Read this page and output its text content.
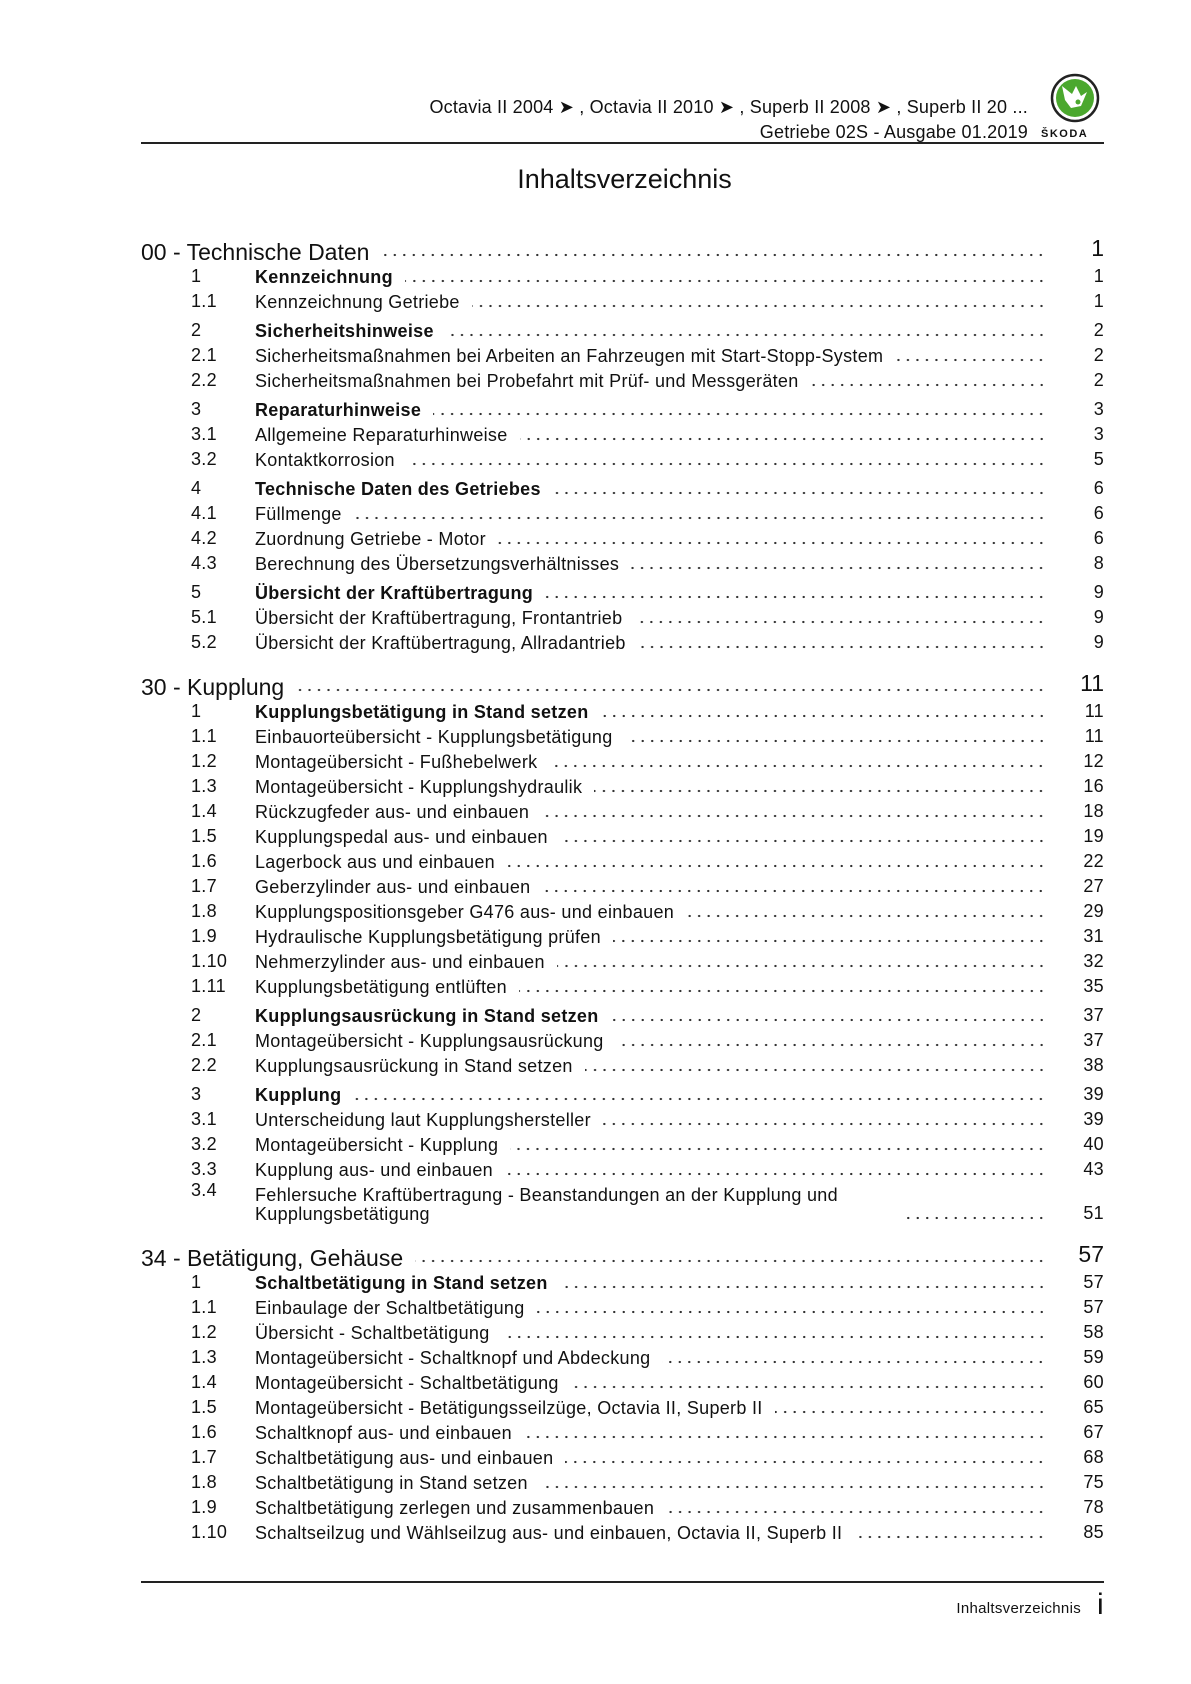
Octavia II 2004 ➤ , Octavia II 2010 ➤ , Superb II 2008 ➤ , Superb II 20 ...
Getriebe 02S - Ausgabe 01.2019 ŠKODA
Inhaltsverzeichnis
00 - Technische Daten	1
1	Kennzeichnung	1
1.1	Kennzeichnung Getriebe	1
2	Sicherheitshinweise	2
2.1	Sicherheitsmaßnahmen bei Arbeiten an Fahrzeugen mit Start-Stopp-System	2
2.2	Sicherheitsmaßnahmen bei Probefahrt mit Prüf- und Messgeräten	2
3	Reparaturhinweise	3
3.1	Allgemeine Reparaturhinweise	3
3.2	Kontaktkorrosion	5
4	Technische Daten des Getriebes	6
4.1	Füllmenge	6
4.2	Zuordnung Getriebe - Motor	6
4.3	Berechnung des Übersetzungsverhältnisses	8
5	Übersicht der Kraftübertragung	9
5.1	Übersicht der Kraftübertragung, Frontantrieb	9
5.2	Übersicht der Kraftübertragung, Allradantrieb	9
30 - Kupplung	11
1	Kupplungsbetätigung in Stand setzen	11
1.1	Einbauorteübersicht - Kupplungsbetätigung	11
1.2	Montageübersicht - Fußhebelwerk	12
1.3	Montageübersicht - Kupplungshydraulik	16
1.4	Rückzugfeder aus- und einbauen	18
1.5	Kupplungspedal aus- und einbauen	19
1.6	Lagerbock aus und einbauen	22
1.7	Geberzylinder aus- und einbauen	27
1.8	Kupplungspositionsgeber G476 aus- und einbauen	29
1.9	Hydraulische Kupplungsbetätigung prüfen	31
1.10	Nehmerzylinder aus- und einbauen	32
1.11	Kupplungsbetätigung entlüften	35
2	Kupplungsausrückung in Stand setzen	37
2.1	Montageübersicht - Kupplungsausrückung	37
2.2	Kupplungsausrückung in Stand setzen	38
3	Kupplung	39
3.1	Unterscheidung laut Kupplungshersteller	39
3.2	Montageübersicht - Kupplung	40
3.3	Kupplung aus- und einbauen	43
3.4	Fehlersuche Kraftübertragung - Beanstandungen an der Kupplung und Kupplungsbetätigung	51
34 - Betätigung, Gehäuse	57
1	Schaltbetätigung in Stand setzen	57
1.1	Einbaulage der Schaltbetätigung	57
1.2	Übersicht - Schaltbetätigung	58
1.3	Montageübersicht - Schaltknopf und Abdeckung	59
1.4	Montageübersicht - Schaltbetätigung	60
1.5	Montageübersicht - Betätigungsseilzüge, Octavia II, Superb II	65
1.6	Schaltknopf aus- und einbauen	67
1.7	Schaltbetätigung aus- und einbauen	68
1.8	Schaltbetätigung in Stand setzen	75
1.9	Schaltbetätigung zerlegen und zusammenbauen	78
1.10	Schaltseilzug und Wählseilzug aus- und einbauen, Octavia II, Superb II	85
Inhaltsverzeichnis i
